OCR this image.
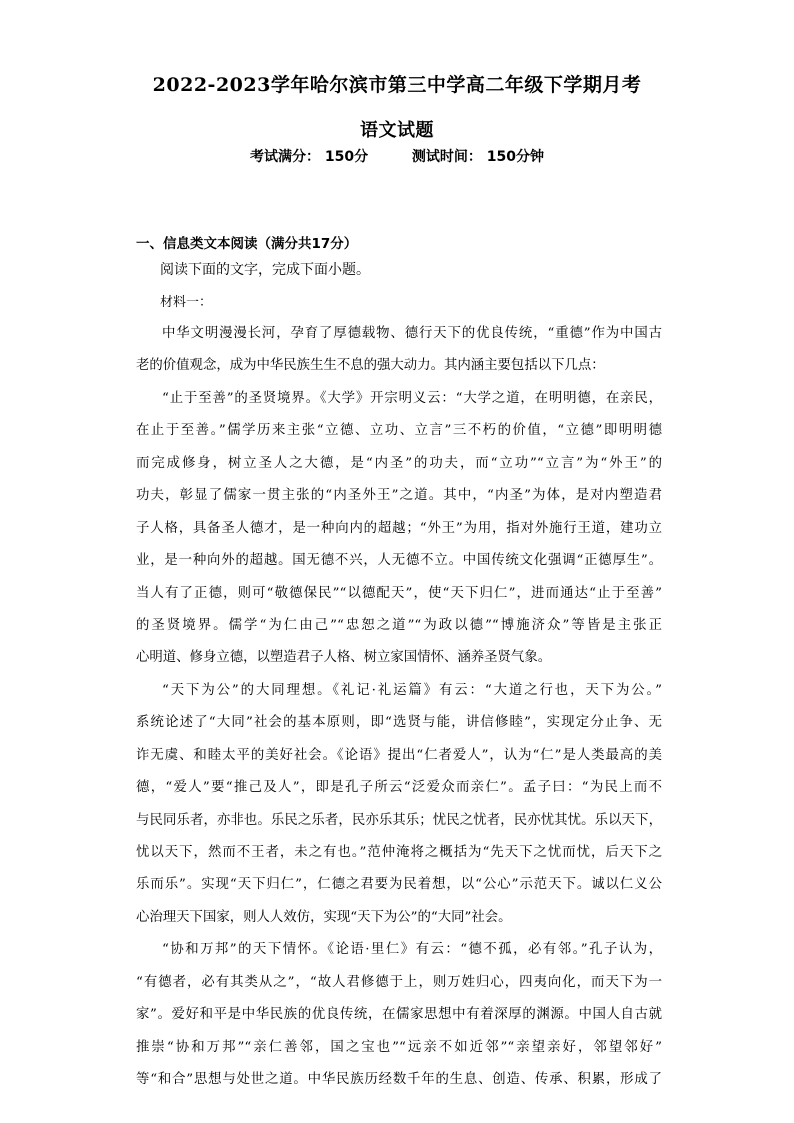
2022-2023学年哈尔滨市第三中学高二年级下学期月考
语文试题
考试满分： 150分	测试时间： 150分钟
一、信息类文本阅读（满分共17分）
阅读下面的文字，完成下面小题。
材料一：
中华文明漫漫长河，孕育了厚德载物、德行天下的优良传统，“重德”作为中国古
老的价值观念，成为中华民族生生不息的强大动力。其内涵主要包括以下几点：
“止于至善”的圣贤境界。《大学》开宗明义云：“大学之道，在明明德，在亲民，
在止于至善。”儒学历来主张“立德、立功、立言”三不朽的价值，“立德”即明明德
而完成修身，树立圣人之大德，是“内圣”的功夫，而“立功”“立言”为“外王”的
功夫，彰显了儒家一贯主张的“内圣外王”之道。其中，“内圣”为体，是对内塑造君
子人格，具备圣人德才，是一种向内的超越；“外王”为用，指对外施行王道，建功立
业，是一种向外的超越。国无德不兴，人无德不立。中国传统文化强调“正德厚生”。
当人有了正德，则可“敬德保民”“以德配天”，使“天下归仁”，进而通达“止于至善”
的圣贤境界。儒学“为仁由己”“忠恕之道”“为政以德”“博施济众”等皆是主张正
心明道、修身立德，以塑造君子人格、树立家国情怀、涵养圣贤气象。
“天下为公”的大同理想。《礼记·礼运篇》有云：“大道之行也，天下为公。”
系统论述了“大同”社会的基本原则，即“选贤与能，讲信修睦”，实现定分止争、无
诈无虞、和睦太平的美好社会。《论语》提出“仁者爱人”，认为“仁”是人类最高的美
德，“爱人”要“推己及人”，即是孔子所云“泛爱众而亲仁”。孟子曰：“为民上而不
与民同乐者，亦非也。乐民之乐者，民亦乐其乐；忧民之忧者，民亦忧其忧。乐以天下，
忧以天下，然而不王者，未之有也。”范仲淹将之概括为“先天下之忧而忧，后天下之
乐而乐”。实现“天下归仁”，仁德之君要为民着想，以“公心”示范天下。诚以仁义公
心治理天下国家，则人人效仿，实现“天下为公”的“大同”社会。
“协和万邦”的天下情怀。《论语·里仁》有云：“德不孤，必有邻。”孔子认为，
“有德者，必有其类从之”，“故人君修德于上，则万姓归心，四夷向化，而天下为一
家”。爱好和平是中华民族的优良传统，在儒家思想中有着深厚的渊源。中国人自古就
推崇“协和万邦”“亲仁善邻，国之宝也”“远亲不如近邻”“亲望亲好，邻望邻好”
等“和合”思想与处世之道。中华民族历经数千年的生息、创造、传承、积累，形成了
